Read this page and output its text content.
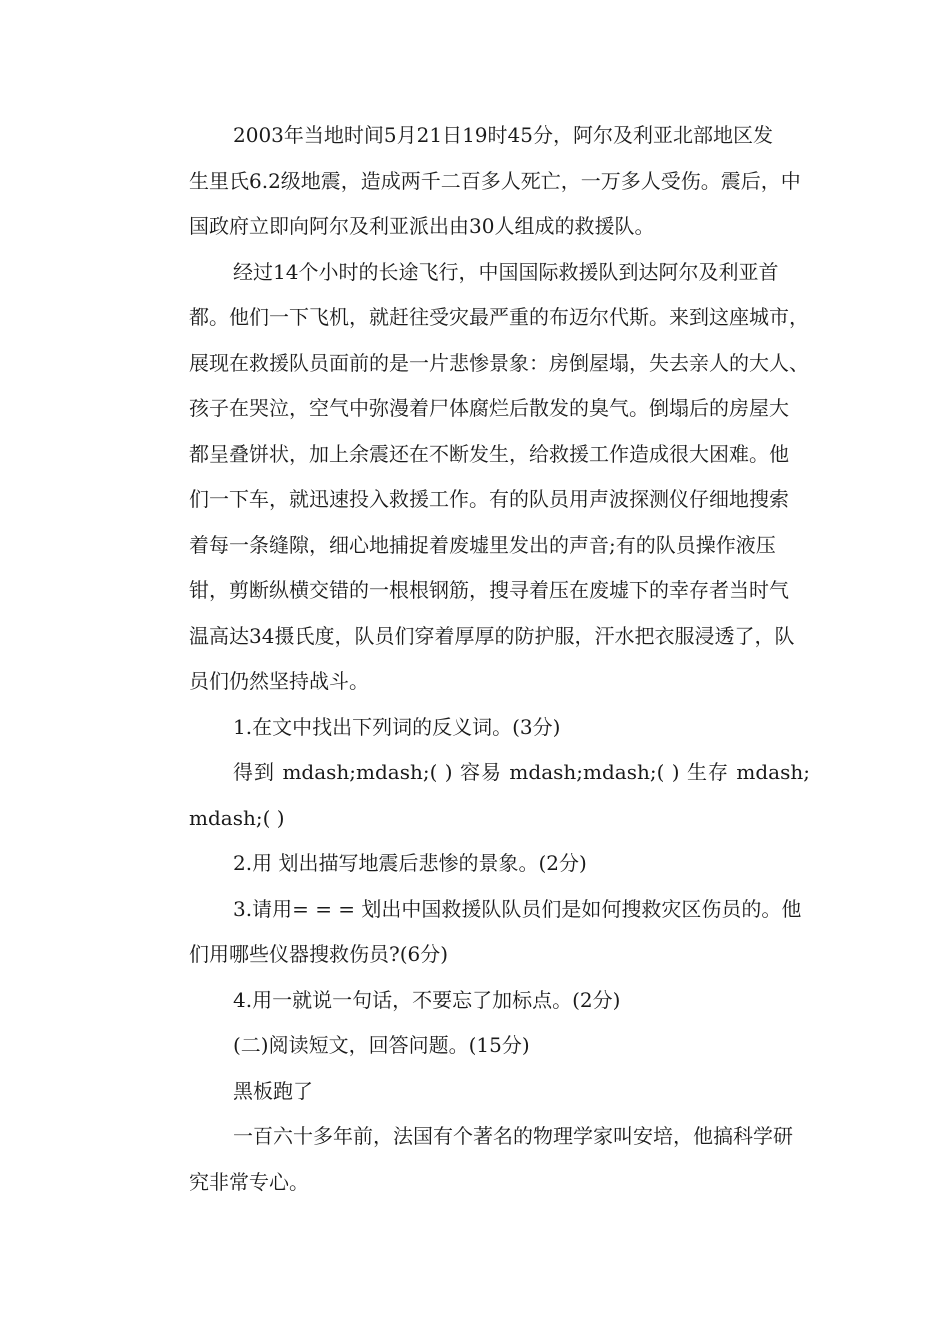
2003年当地时间5月21日19时45分，阿尔及利亚北部地区发
生里氏6.2级地震，造成两千二百多人死亡，一万多人受伤。震后，中
国政府立即向阿尔及利亚派出由30人组成的救援队。
经过14个小时的长途飞行，中国国际救援队到达阿尔及利亚首
都。他们一下飞机，就赶往受灾最严重的布迈尔代斯。来到这座城市，
展现在救援队员面前的是一片悲惨景象：房倒屋塌，失去亲人的大人、
孩子在哭泣，空气中弥漫着尸体腐烂后散发的臭气。倒塌后的房屋大
都呈叠饼状，加上余震还在不断发生，给救援工作造成很大困难。他
们一下车，就迅速投入救援工作。有的队员用声波探测仪仔细地搜索
着每一条缝隙，细心地捕捉着废墟里发出的声音;有的队员操作液压
钳，剪断纵横交错的一根根钢筋，搜寻着压在废墟下的幸存者当时气
温高达34摄氏度，队员们穿着厚厚的防护服，汗水把衣服浸透了，队
员们仍然坚持战斗。
1.在文中找出下列词的反义词。(3分)
得到 mdash;mdash;( ) 容易 mdash;mdash;( ) 生存 mdash;mdash;( )
2.用 划出描写地震后悲惨的景象。(2分)
3.请用= = = 划出中国救援队队员们是如何搜救灾区伤员的。他
们用哪些仪器搜救伤员?(6分)
4.用一就说一句话，不要忘了加标点。(2分)
(二)阅读短文，回答问题。(15分)
黑板跑了
一百六十多年前，法国有个著名的物理学家叫安培，他搞科学研
究非常专心。
